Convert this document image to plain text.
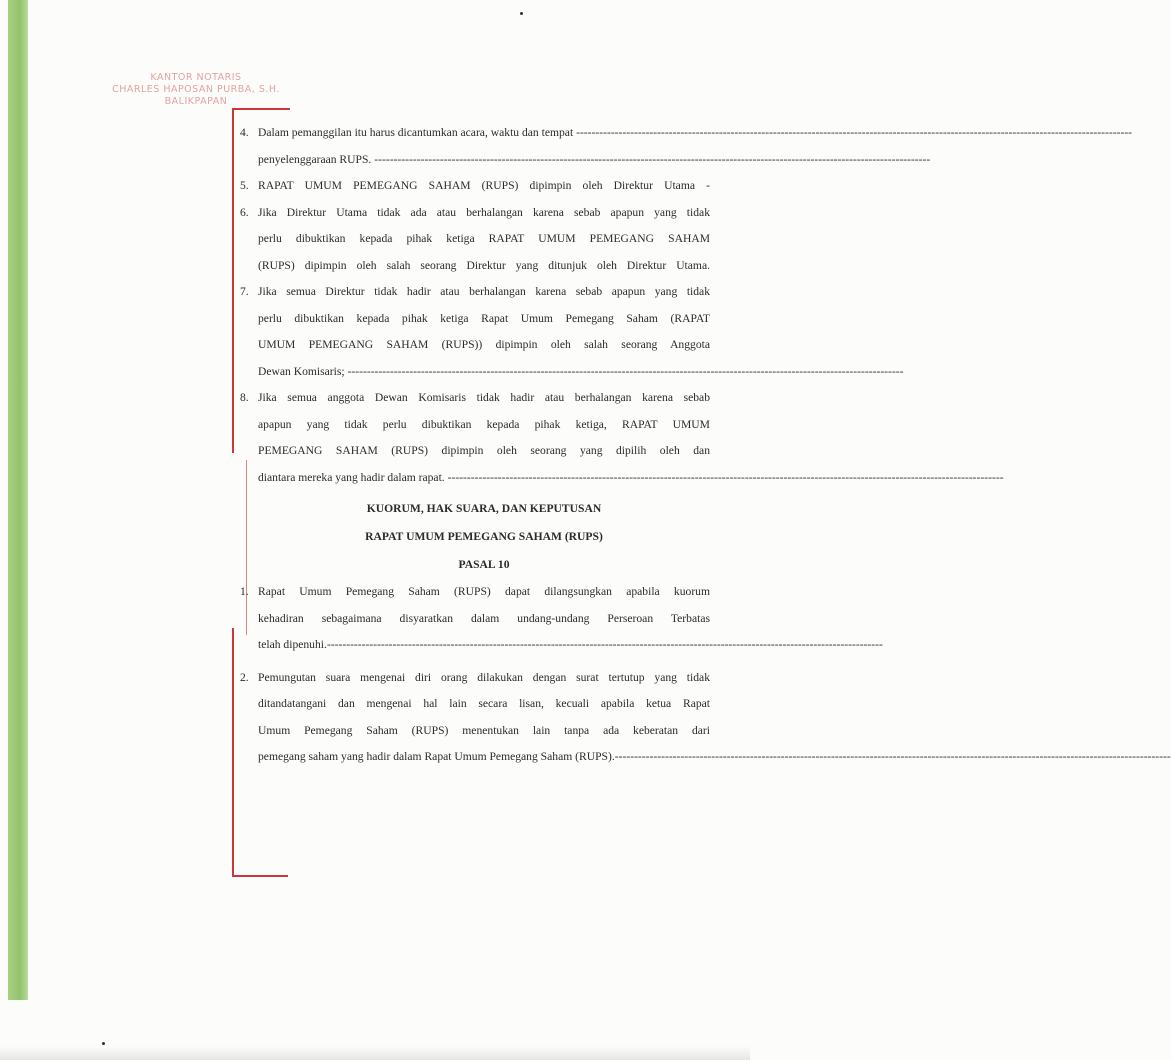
KANTOR NOTARIS
CHARLES HAPOSAN PURBA, S.H.
BALIKPAPAN
4. Dalam pemanggilan itu harus dicantumkan acara, waktu dan tempat
------------------------------------------------------------------------------------------------------------------------------------------------
penyelenggaraan RUPS.
------------------------------------------------------------------------------------------------------------------------------------------------
5. RAPAT UMUM PEMEGANG SAHAM (RUPS) dipimpin oleh Direktur Utama -
6. Jika Direktur Utama tidak ada atau berhalangan karena sebab apapun yang tidak
perlu dibuktikan kepada pihak ketiga RAPAT UMUM PEMEGANG SAHAM
(RUPS) dipimpin oleh salah seorang Direktur yang ditunjuk oleh Direktur Utama.
7. Jika semua Direktur tidak hadir atau berhalangan karena sebab apapun yang tidak
perlu dibuktikan kepada pihak ketiga Rapat Umum Pemegang Saham (RAPAT
UMUM PEMEGANG SAHAM (RUPS)) dipimpin oleh salah seorang Anggota
Dewan Komisaris;
------------------------------------------------------------------------------------------------------------------------------------------------
8. Jika semua anggota Dewan Komisaris tidak hadir atau berhalangan karena sebab
apapun yang tidak perlu dibuktikan kepada pihak ketiga, RAPAT UMUM
PEMEGANG SAHAM (RUPS) dipimpin oleh seorang yang dipilih oleh dan
diantara mereka yang hadir dalam rapat.
------------------------------------------------------------------------------------------------------------------------------------------------
KUORUM, HAK SUARA, DAN KEPUTUSAN
RAPAT UMUM PEMEGANG SAHAM (RUPS)
PASAL 10
1. Rapat Umum Pemegang Saham (RUPS) dapat dilangsungkan apabila kuorum
kehadiran sebagaimana disyaratkan dalam undang-undang Perseroan Terbatas
telah dipenuhi. ------------------------------------------------------------------------------------------------------------------------------------------------
2. Pemungutan suara mengenai diri orang dilakukan dengan surat tertutup yang tidak
ditandatangani dan mengenai hal lain secara lisan, kecuali apabila ketua Rapat
Umum Pemegang Saham (RUPS) menentukan lain tanpa ada keberatan dari
pemegang saham yang hadir dalam Rapat Umum Pemegang Saham (RUPS). ------------------------------------------------------------------------------------------------------------------------------------------------
